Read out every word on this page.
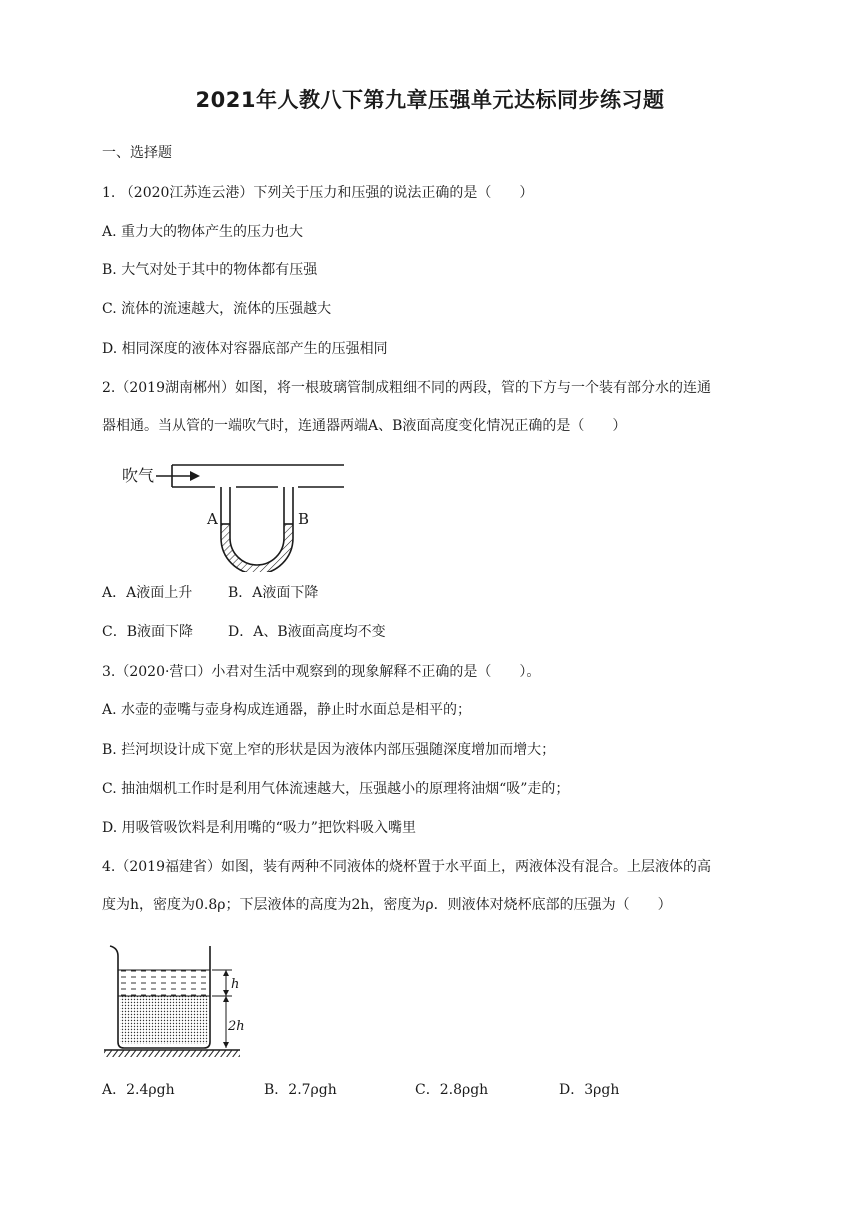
2021年人教八下第九章压强单元达标同步练习题
一、选择题
1. （2020江苏连云港）下列关于压力和压强的说法正确的是（　　）
A. 重力大的物体产生的压力也大
B. 大气对处于其中的物体都有压强
C. 流体的流速越大，流体的压强越大
D. 相同深度的液体对容器底部产生的压强相同
2.（2019湖南郴州）如图，将一根玻璃管制成粗细不同的两段，管的下方与一个装有部分水的连通
器相通。当从管的一端吹气时，连通器两端A、B液面高度变化情况正确的是（　　）
吹气
A	B
A．A液面上升	B．A液面下降
C．B液面下降	D．A、B液面高度均不变
3.（2020·营口）小君对生活中观察到的现象解释不正确的是（　　）。
A. 水壶的壶嘴与壶身构成连通器，静止时水面总是相平的；
B. 拦河坝设计成下宽上窄的形状是因为液体内部压强随深度增加而增大；
C. 抽油烟机工作时是利用气体流速越大，压强越小的原理将油烟“吸”走的；
D. 用吸管吸饮料是利用嘴的“吸力”把饮料吸入嘴里
4.（2019福建省）如图，装有两种不同液体的烧杯置于水平面上，两液体没有混合。上层液体的高
度为h，密度为0.8ρ；下层液体的高度为2h，密度为ρ．则液体对烧杯底部的压强为（　　）
h
2h
A．2.4ρgh	B．2.7ρgh	C．2.8ρgh	D．3ρgh
